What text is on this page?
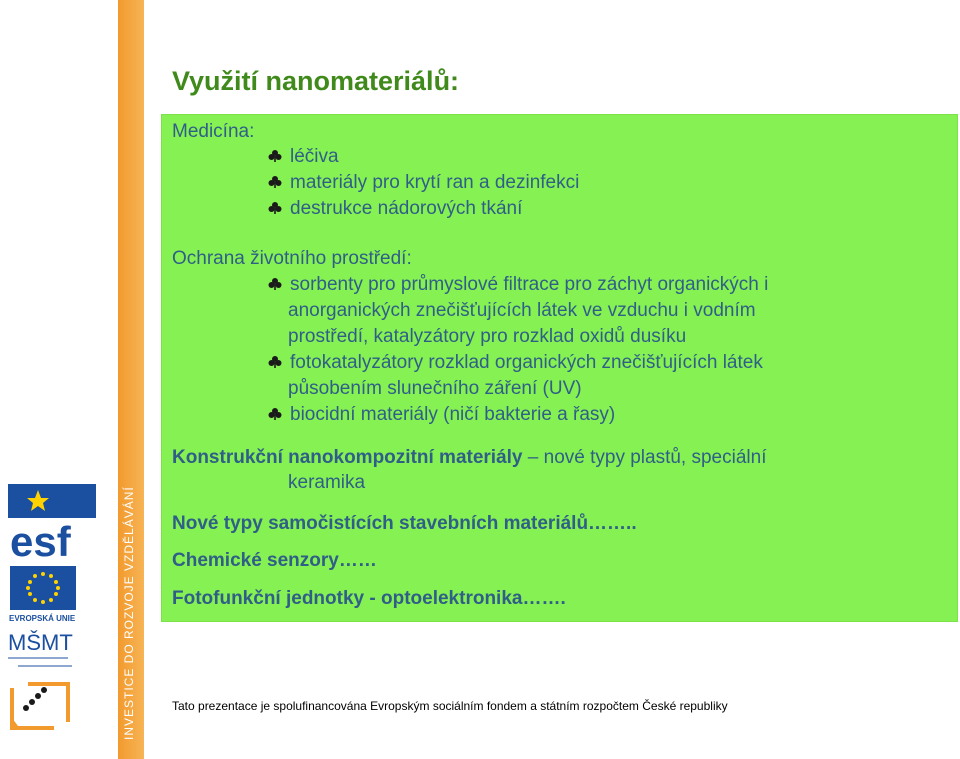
INVESTICE DO ROZVOJE VZDĚLÁVÁNÍ
Využití nanomateriálů:
Medicína:
léčiva
materiály pro krytí ran a dezinfekci
destrukce nádorových tkání
Ochrana životního prostředí:
sorbenty pro průmyslové filtrace pro záchyt organických i
anorganických znečišťujících látek ve vzduchu i vodním
prostředí, katalyzátory pro rozklad oxidů dusíku
fotokatalyzátory rozklad organických znečišťujících látek
působením slunečního záření (UV)
biocidní materiály (ničí bakterie a řasy)
Konstrukční nanokompozitní materiály – nové typy plastů, speciální
keramika
Nové typy samočistících stavebních materiálů……..
Chemické senzory……
Fotofunkční jednotky - optoelektronika…….
Tato prezentace je spolufinancována Evropským sociálním fondem a státním rozpočtem České republiky
esf
EVROPSKÁ UNIE
MŠMT
